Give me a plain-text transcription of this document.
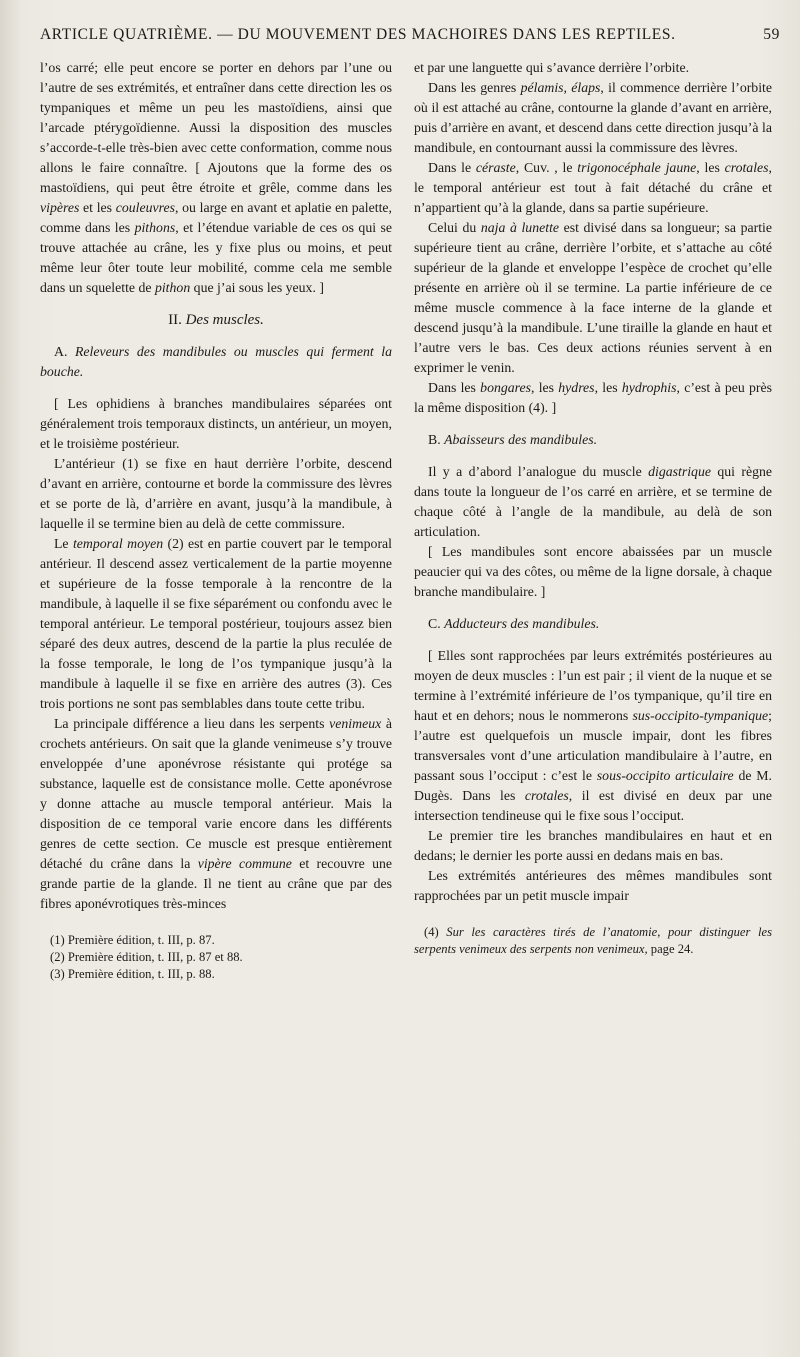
ARTICLE QUATRIÈME. — DU MOUVEMENT DES MACHOIRES DANS LES REPTILES.	59

l’os carré; elle peut encore se porter en dehors par l’une ou l’autre de ses extrémités, et entraîner dans cette direction les os tympaniques et même un peu les mastoïdiens, ainsi que l’arcade ptérygoïdienne. Aussi la disposition des muscles s’accorde-t-elle très-bien avec cette conformation, comme nous allons le faire connaître. [ Ajoutons que la forme des os mastoïdiens, qui peut être étroite et grêle, comme dans les vipères et les couleuvres, ou large en avant et aplatie en palette, comme dans les pithons, et l’étendue variable de ces os qui se trouve attachée au crâne, les y fixe plus ou moins, et peut même leur ôter toute leur mobilité, comme cela me semble dans un squelette de pithon que j’ai sous les yeux. ]

II. Des muscles.

A. Releveurs des mandibules ou muscles qui ferment la bouche.

[ Les ophidiens à branches mandibulaires séparées ont généralement trois temporaux distincts, un antérieur, un moyen, et le troisième postérieur.

L’antérieur (1) se fixe en haut derrière l’orbite, descend d’avant en arrière, contourne et borde la commissure des lèvres et se porte de là, d’arrière en avant, jusqu’à la mandibule, à laquelle il se termine bien au delà de cette commissure.

Le temporal moyen (2) est en partie couvert par le temporal antérieur. Il descend assez verticalement de la partie moyenne et supérieure de la fosse temporale à la rencontre de la mandibule, à laquelle il se fixe séparément ou confondu avec le temporal antérieur. Le temporal postérieur, toujours assez bien séparé des deux autres, descend de la partie la plus reculée de la fosse temporale, le long de l’os tympanique jusqu’à la mandibule à laquelle il se fixe en arrière des autres (3). Ces trois portions ne sont pas semblables dans toute cette tribu.

La principale différence a lieu dans les serpents venimeux à crochets antérieurs. On sait que la glande venimeuse s’y trouve enveloppée d’une aponévrose résistante qui protége sa substance, laquelle est de consistance molle. Cette aponévrose y donne attache au muscle temporal antérieur. Mais la disposition de ce temporal varie encore dans les différents genres de cette section. Ce muscle est presque entièrement détaché du crâne dans la vipère commune et recouvre une grande partie de la glande. Il ne tient au crâne que par des fibres aponévrotiques très-minces

(1) Première édition, t. III, p. 87.

(2) Première édition, t. III, p. 87 et 88.

(3) Première édition, t. III, p. 88.

et par une languette qui s’avance derrière l’orbite.

Dans les genres pélamis, élaps, il commence derrière l’orbite où il est attaché au crâne, contourne la glande d’avant en arrière, puis d’arrière en avant, et descend dans cette direction jusqu’à la mandibule, en contournant aussi la commissure des lèvres.

Dans le céraste, Cuv. , le trigonocéphale jaune, les crotales, le temporal antérieur est tout à fait détaché du crâne et n’appartient qu’à la glande, dans sa partie supérieure.

Celui du naja à lunette est divisé dans sa longueur; sa partie supérieure tient au crâne, derrière l’orbite, et s’attache au côté supérieur de la glande et enveloppe l’espèce de crochet qu’elle présente en arrière où il se termine. La partie inférieure de ce même muscle commence à la face interne de la glande et descend jusqu’à la mandibule. L’une tiraille la glande en haut et l’autre vers le bas. Ces deux actions réunies servent à en exprimer le venin.

Dans les bongares, les hydres, les hydrophis, c’est à peu près la même disposition (4). ]

B. Abaisseurs des mandibules.

Il y a d’abord l’analogue du muscle digastrique qui règne dans toute la longueur de l’os carré en arrière, et se termine de chaque côté à l’angle de la mandibule, au delà de son articulation.

[ Les mandibules sont encore abaissées par un muscle peaucier qui va des côtes, ou même de la ligne dorsale, à chaque branche mandibulaire. ]

C. Adducteurs des mandibules.

[ Elles sont rapprochées par leurs extrémités postérieures au moyen de deux muscles : l’un est pair ; il vient de la nuque et se termine à l’extrémité inférieure de l’os tympanique, qu’il tire en haut et en dehors; nous le nommerons sus-occipito-tympanique; l’autre est quelquefois un muscle impair, dont les fibres transversales vont d’une articulation mandibulaire à l’autre, en passant sous l’occiput : c’est le sous-occipito articulaire de M. Dugès. Dans les crotales, il est divisé en deux par une intersection tendineuse qui le fixe sous l’occiput.

Le premier tire les branches mandibulaires en haut et en dedans; le dernier les porte aussi en dedans mais en bas.

Les extrémités antérieures des mêmes mandibules sont rapprochées par un petit muscle impair

(4) Sur les caractères tirés de l’anatomie, pour distinguer les serpents venimeux des serpents non venimeux, page 24.
